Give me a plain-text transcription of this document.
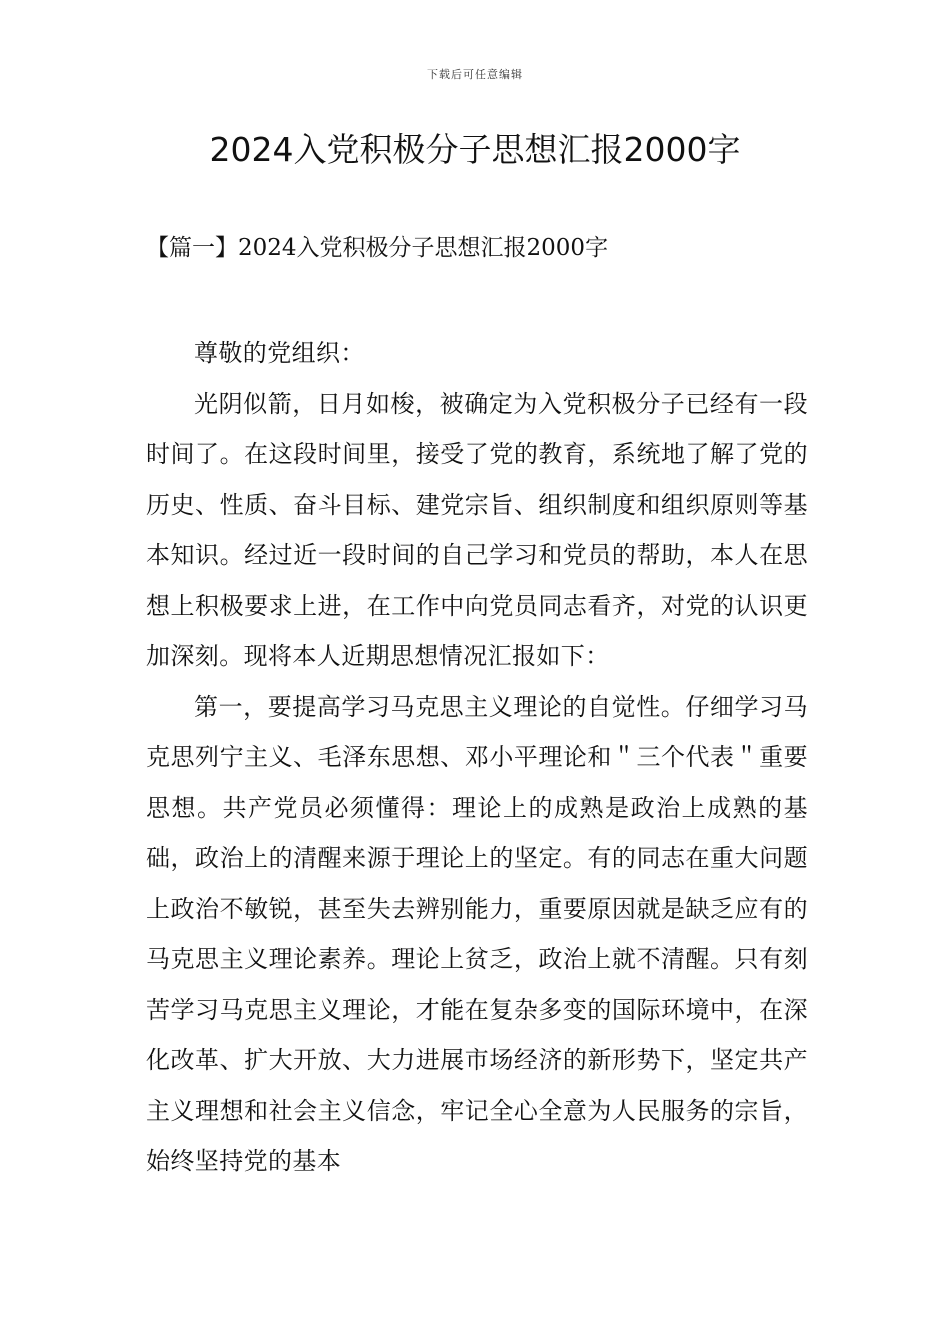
下载后可任意编辑
2024入党积极分子思想汇报2000字
【篇一】2024入党积极分子思想汇报2000字

尊敬的党组织：

光阴似箭，日月如梭，被确定为入党积极分子已经有一段时间了。在这段时间里，接受了党的教育，系统地了解了党的历史、性质、奋斗目标、建党宗旨、组织制度和组织原则等基本知识。经过近一段时间的自己学习和党员的帮助，本人在思想上积极要求上进，在工作中向党员同志看齐，对党的认识更加深刻。现将本人近期思想情况汇报如下：

第一，要提高学习马克思主义理论的自觉性。仔细学习马克思列宁主义、毛泽东思想、邓小平理论和＂三个代表＂重要思想。共产党员必须懂得：理论上的成熟是政治上成熟的基础，政治上的清醒来源于理论上的坚定。有的同志在重大问题上政治不敏锐，甚至失去辨别能力，重要原因就是缺乏应有的马克思主义理论素养。理论上贫乏，政治上就不清醒。只有刻苦学习马克思主义理论，才能在复杂多变的国际环境中，在深化改革、扩大开放、大力进展市场经济的新形势下，坚定共产主义理想和社会主义信念，牢记全心全意为人民服务的宗旨，始终坚持党的基本
